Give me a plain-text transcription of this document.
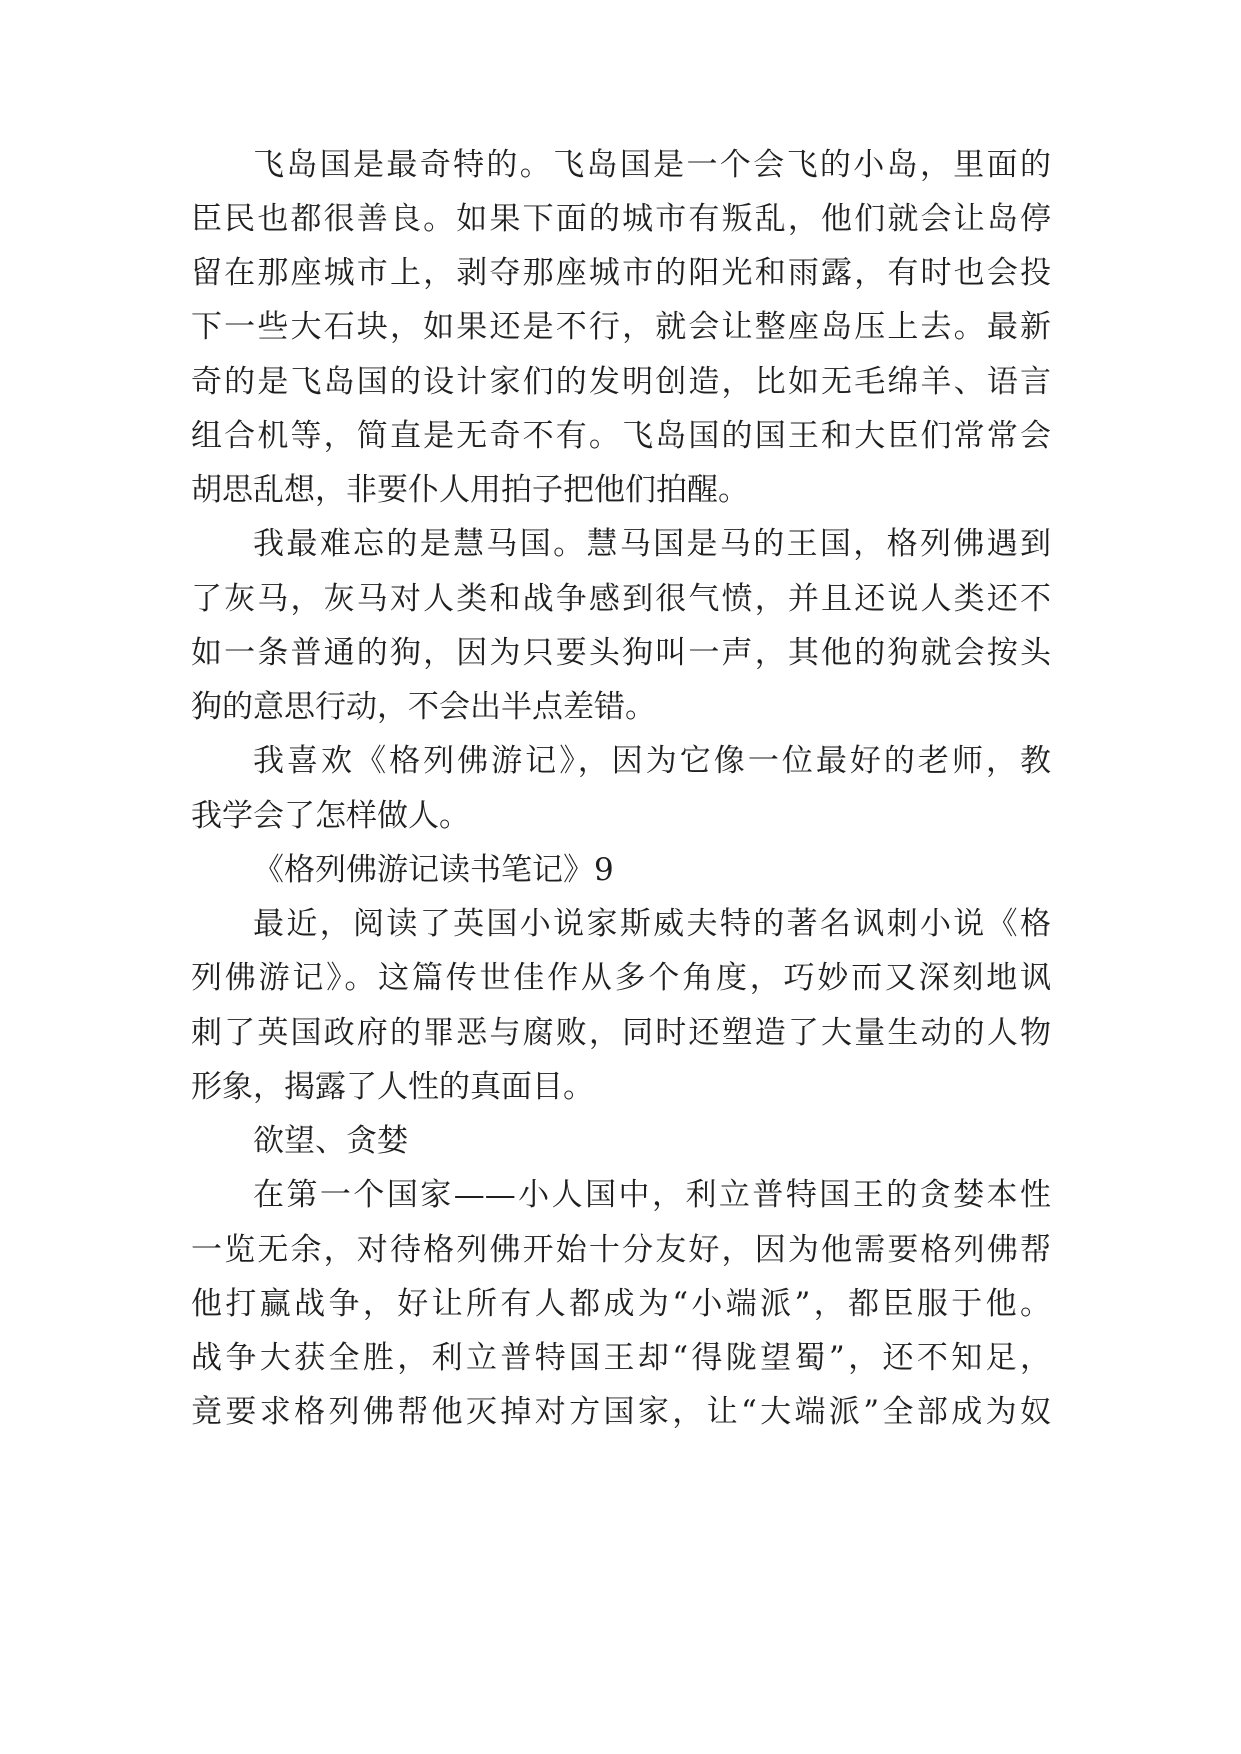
飞岛国是最奇特的。飞岛国是一个会飞的小岛，里面的
臣民也都很善良。如果下面的城市有叛乱，他们就会让岛停
留在那座城市上，剥夺那座城市的阳光和雨露，有时也会投
下一些大石块，如果还是不行，就会让整座岛压上去。最新
奇的是飞岛国的设计家们的发明创造，比如无毛绵羊、语言
组合机等，简直是无奇不有。飞岛国的国王和大臣们常常会
胡思乱想，非要仆人用拍子把他们拍醒。
我最难忘的是慧马国。慧马国是马的王国，格列佛遇到
了灰马，灰马对人类和战争感到很气愤，并且还说人类还不
如一条普通的狗，因为只要头狗叫一声，其他的狗就会按头
狗的意思行动，不会出半点差错。
我喜欢《格列佛游记》，因为它像一位最好的老师，教
我学会了怎样做人。
《格列佛游记读书笔记》9
最近，阅读了英国小说家斯威夫特的著名讽刺小说《格
列佛游记》。这篇传世佳作从多个角度，巧妙而又深刻地讽
刺了英国政府的罪恶与腐败，同时还塑造了大量生动的人物
形象，揭露了人性的真面目。
欲望、贪婪
在第一个国家——小人国中，利立普特国王的贪婪本性
一览无余，对待格列佛开始十分友好，因为他需要格列佛帮
他打赢战争，好让所有人都成为“小端派”，都臣服于他。
战争大获全胜，利立普特国王却“得陇望蜀”，还不知足，
竟要求格列佛帮他灭掉对方国家，让“大端派”全部成为奴
